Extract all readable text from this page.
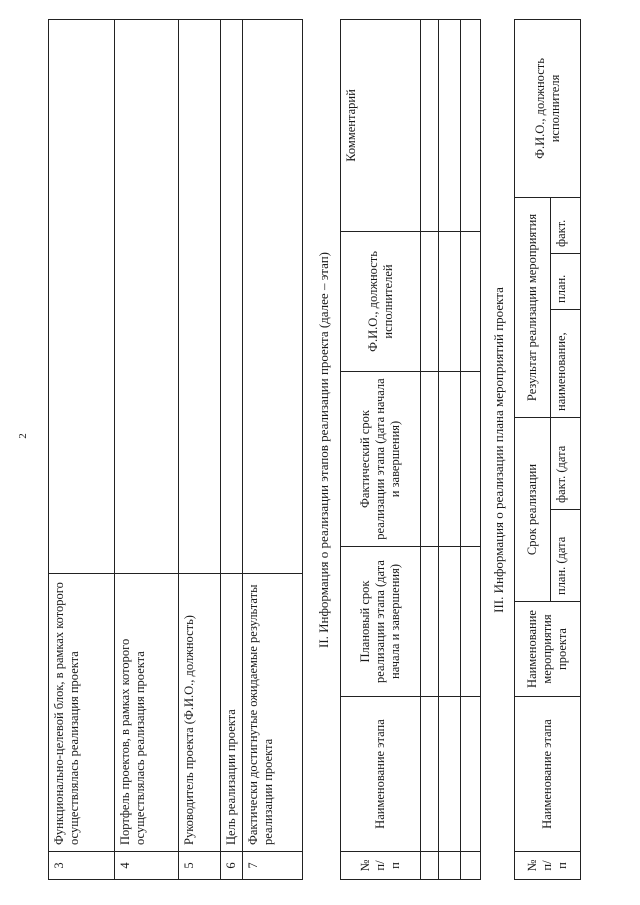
2
3	Функционально-целевой блок, в рамках которого осуществлялась реализация проекта	
4	Портфель проектов, в рамках которого осуществлялась реализация проекта	
5	Руководитель проекта (Ф.И.О., должность)	
6	Цель реализации проекта	
7	Фактически достигнутые ожидаемые результаты реализации проекта	
II. Информация о реализации этапов реализации проекта (далее – этап)
№ п/п	Наименование этапа	Плановый срок реализации этапа (дата начала и завершения)	Фактический срок реализации этапа (дата начала и завершения)	Ф.И.О., должность исполнителей	Комментарий

III. Информация о реализации плана мероприятий проекта
№ п/п	Наименование этапа	Наименование мероприятия проекта	Срок реализации		Результат реализации мероприятия			Ф.И.О., должность исполнителя
			план. (дата	факт. (дата	наименование,	план.	факт.	
